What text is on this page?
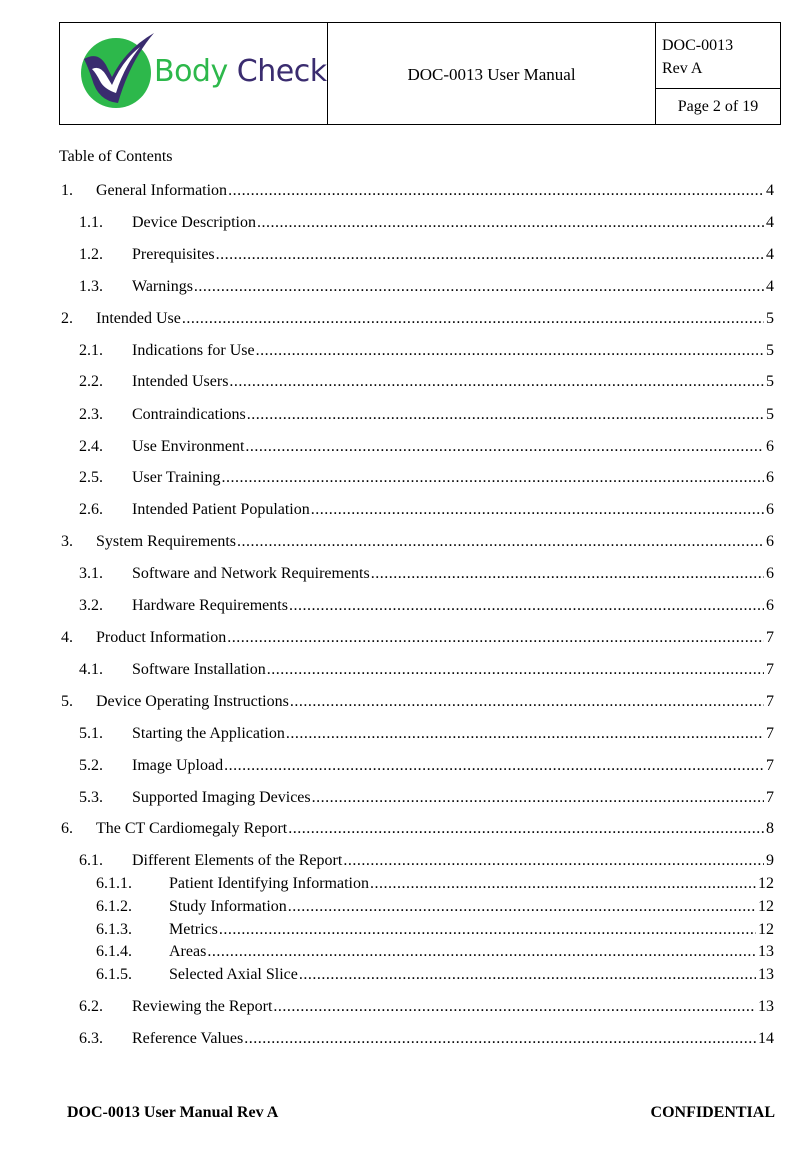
Body Check	DOC-0013 User Manual
DOC-0013
Rev A
Page 2 of 19
Table of Contents
1.	General Information .....	4
1.1.	Device Description .....	4
1.2.	Prerequisites .....	4
1.3.	Warnings .....	4
2.	Intended Use .....	5
2.1.	Indications for Use .....	5
2.2.	Intended Users .....	5
2.3.	Contraindications .....	5
2.4.	Use Environment .....	6
2.5.	User Training .....	6
2.6.	Intended Patient Population .....	6
3.	System Requirements .....	6
3.1.	Software and Network Requirements .....	6
3.2.	Hardware Requirements .....	6
4.	Product Information .....	7
4.1.	Software Installation .....	7
5.	Device Operating Instructions .....	7
5.1.	Starting the Application .....	7
5.2.	Image Upload .....	7
5.3.	Supported Imaging Devices .....	7
6.	The CT Cardiomegaly Report .....	8
6.1.	Different Elements of the Report .....	9
6.1.1.	Patient Identifying Information .....	12
6.1.2.	Study Information .....	12
6.1.3.	Metrics .....	12
6.1.4.	Areas .....	13
6.1.5.	Selected Axial Slice .....	13
6.2.	Reviewing the Report .....	13
6.3.	Reference Values .....	14
DOC-0013 User Manual Rev A	CONFIDENTIAL
